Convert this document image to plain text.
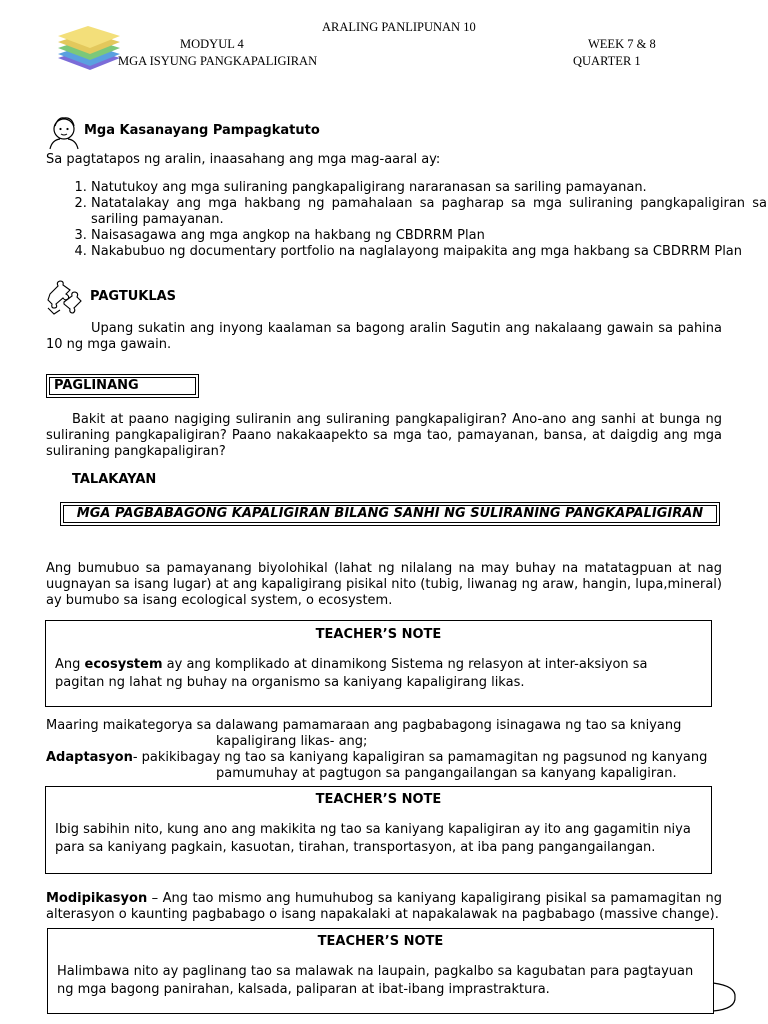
ARALING PANLIPUNAN 10
MODYUL 4	WEEK 7 & 8
MGA ISYUNG PANGKAPALIGIRAN	QUARTER 1
Mga Kasanayang Pampagkatuto
Sa pagtatapos ng aralin, inaasahang ang mga mag-aaral ay:
1. Natutukoy ang mga suliraning pangkapaligirang nararanasan sa sariling pamayanan.
2. Natatalakay ang mga hakbang ng pamahalaan sa pagharap sa mga suliraning pangkapaligiran sa sariling pamayanan.
3. Naisasagawa ang mga angkop na hakbang ng CBDRRM Plan
4. Nakabubuo ng documentary portfolio na naglalayong maipakita ang mga hakbang sa CBDRRM Plan
PAGTUKLAS
Upang sukatin ang inyong kaalaman sa bagong aralin Sagutin ang nakalaang gawain sa pahina 10 ng mga gawain.
PAGLINANG
Bakit at paano nagiging suliranin ang suliraning pangkapaligiran? Ano-ano ang sanhi at bunga ng suliraning pangkapaligiran? Paano nakakaapekto sa mga tao, pamayanan, bansa, at daigdig ang mga suliraning pangkapaligiran?
TALAKAYAN
MGA PAGBABAGONG KAPALIGIRAN BILANG SANHI NG SULIRANING PANGKAPALIGIRAN
Ang bumubuo sa pamayanang biyolohikal (lahat ng nilalang na may buhay na matatagpuan at nag uugnayan sa isang lugar) at ang kapaligirang pisikal nito (tubig, liwanag ng araw, hangin, lupa,mineral) ay bumubo sa isang ecological system, o ecosystem.
TEACHER’S NOTE
Ang ecosystem ay ang komplikado at dinamikong Sistema ng relasyon at inter-aksiyon sa pagitan ng lahat ng buhay na organismo sa kaniyang kapaligirang likas.
Maaring maikategorya sa dalawang pamamaraan ang pagbabagong isinagawa ng tao sa kniyang
kapaligirang likas- ang;
Adaptasyon- pakikibagay ng tao sa kaniyang kapaligiran sa pamamagitan ng pagsunod ng kanyang
pamumuhay at pagtugon sa pangangailangan sa kanyang kapaligiran.
TEACHER’S NOTE
Ibig sabihin nito, kung ano ang makikita ng tao sa kaniyang kapaligiran ay ito ang gagamitin niya para sa kaniyang pagkain, kasuotan, tirahan, transportasyon, at iba pang pangangailangan.
Modipikasyon – Ang tao mismo ang humuhubog sa kaniyang kapaligirang pisikal sa pamamagitan ng alterasyon o kaunting pagbabago o isang napakalaki at napakalawak na pagbabago (massive change).
TEACHER’S NOTE
Halimbawa nito ay paglinang tao sa malawak na laupain, pagkalbo sa kagubatan para pagtayuan ng mga bagong panirahan, kalsada, paliparan at ibat-ibang imprastraktura.
